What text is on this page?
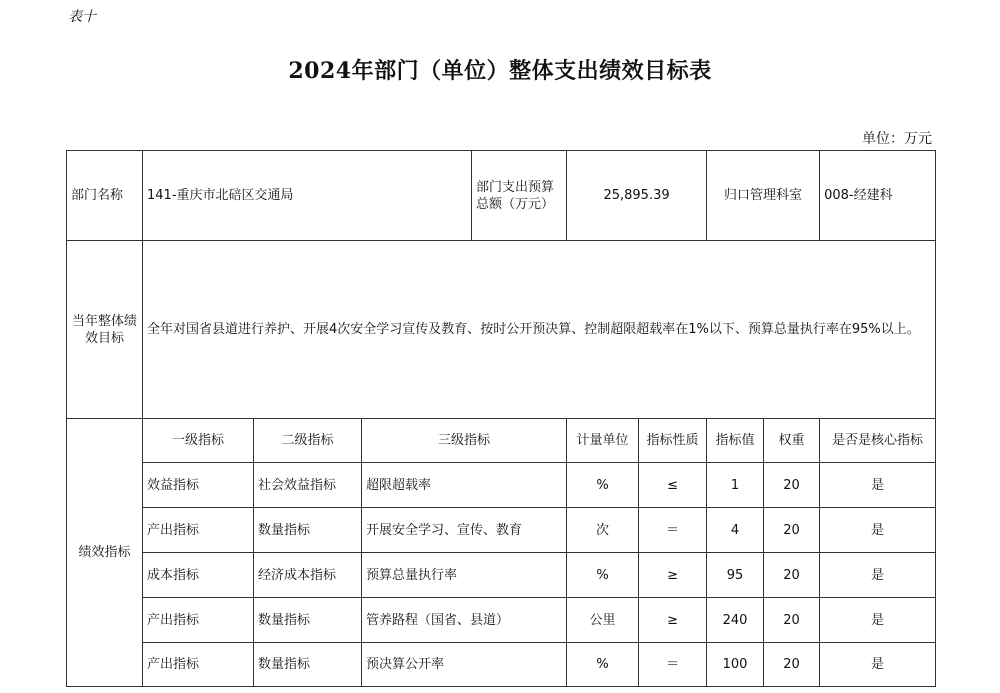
表十
2024年部门（单位）整体支出绩效目标表
单位：万元
部门名称	141-重庆市北碚区交通局			部门支出预算总额（万元）	25,895.39		归口管理科室		008-经建科
当年整体绩效目标	全年对国省县道进行养护、开展4次安全学习宣传及教育、按时公开预决算、控制超限超载率在1%以下、预算总量执行率在95%以上。								
绩效指标	一级指标	二级指标	三级指标		计量单位	指标性质	指标值	权重	是否是核心指标
	效益指标	社会效益指标	超限超载率		%	≤	1	20	是
	产出指标	数量指标	开展安全学习、宣传、教育		次	＝	4	20	是
	成本指标	经济成本指标	预算总量执行率		%	≥	95	20	是
	产出指标	数量指标	管养路程（国省、县道）		公里	≥	240	20	是
	产出指标	数量指标	预决算公开率		%	＝	100	20	是
